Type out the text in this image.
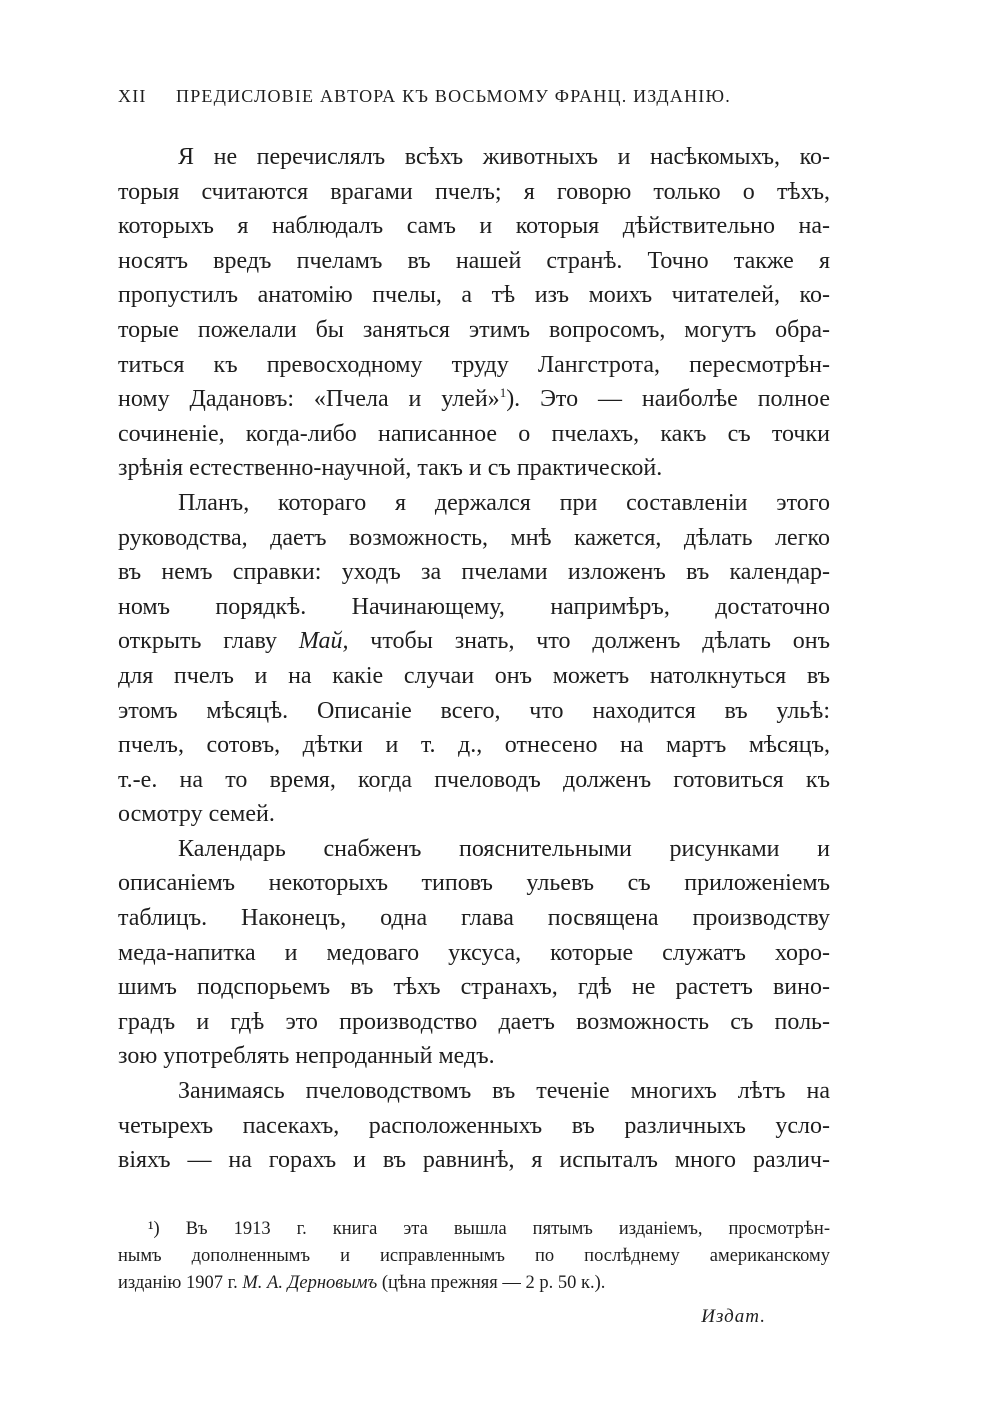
XII ПРЕДИСЛОВІЕ АВТОРА КЪ ВОСЬМОМУ ФРАНЦ. ИЗДАНІЮ.
Я не перечислялъ всѣхъ животныхъ и насѣкомыхъ, ко-
торыя считаются врагами пчелъ; я говорю только о тѣхъ,
которыхъ я наблюдалъ самъ и которыя дѣйствительно на-
носятъ вредъ пчеламъ въ нашей странѣ. Точно также я
пропустилъ анатомію пчелы, а тѣ изъ моихъ читателей, ко-
торые пожелали бы заняться этимъ вопросомъ, могутъ обра-
титься къ превосходному труду Лангстрота, пересмотрѣн-
ному Дадановъ: «Пчела и улей»$^1$). Это — наиболѣе полное
сочиненіе, когда-либо написанное о пчелахъ, какъ съ точки
зрѣнія естественно-научной, такъ и съ практической.
Планъ, котораго я держался при составленіи этого
руководства, даетъ возможность, мнѣ кажется, дѣлать легко
въ немъ справки: уходъ за пчелами изложенъ въ календар-
номъ порядкѣ. Начинающему, напримѣръ, достаточно
открыть главу Май, чтобы знать, что долженъ дѣлать онъ
для пчелъ и на какіе случаи онъ можетъ натолкнуться въ
этомъ мѣсяцѣ. Описаніе всего, что находится въ ульѣ:
пчелъ, сотовъ, дѣтки и т. д., отнесено на мартъ мѣсяцъ,
т.-е. на то время, когда пчеловодъ долженъ готовиться къ
осмотру семей.
Календарь снабженъ пояснительными рисунками и
описаніемъ некоторыхъ типовъ ульевъ съ приложеніемъ
таблицъ. Наконецъ, одна глава посвящена производству
меда-напитка и медоваго уксуса, которые служатъ хоро-
шимъ подспорьемъ въ тѣхъ странахъ, гдѣ не растетъ вино-
градъ и гдѣ это производство даетъ возможность съ поль-
зою употреблять непроданный медъ.
Занимаясь пчеловодствомъ въ теченіе многихъ лѣтъ на
четырехъ пасекахъ, расположенныхъ въ различныхъ усло-
віяхъ — на горахъ и въ равнинѣ, я испыталъ много различ-
¹) Въ 1913 г. книга эта вышла пятымъ изданіемъ, просмотрѣн-
нымъ дополненнымъ и исправленнымъ по послѣднему американскому
изданію 1907 г. М. А. Дерновымъ (цѣна прежняя — 2 р. 50 к.).
Издат.
